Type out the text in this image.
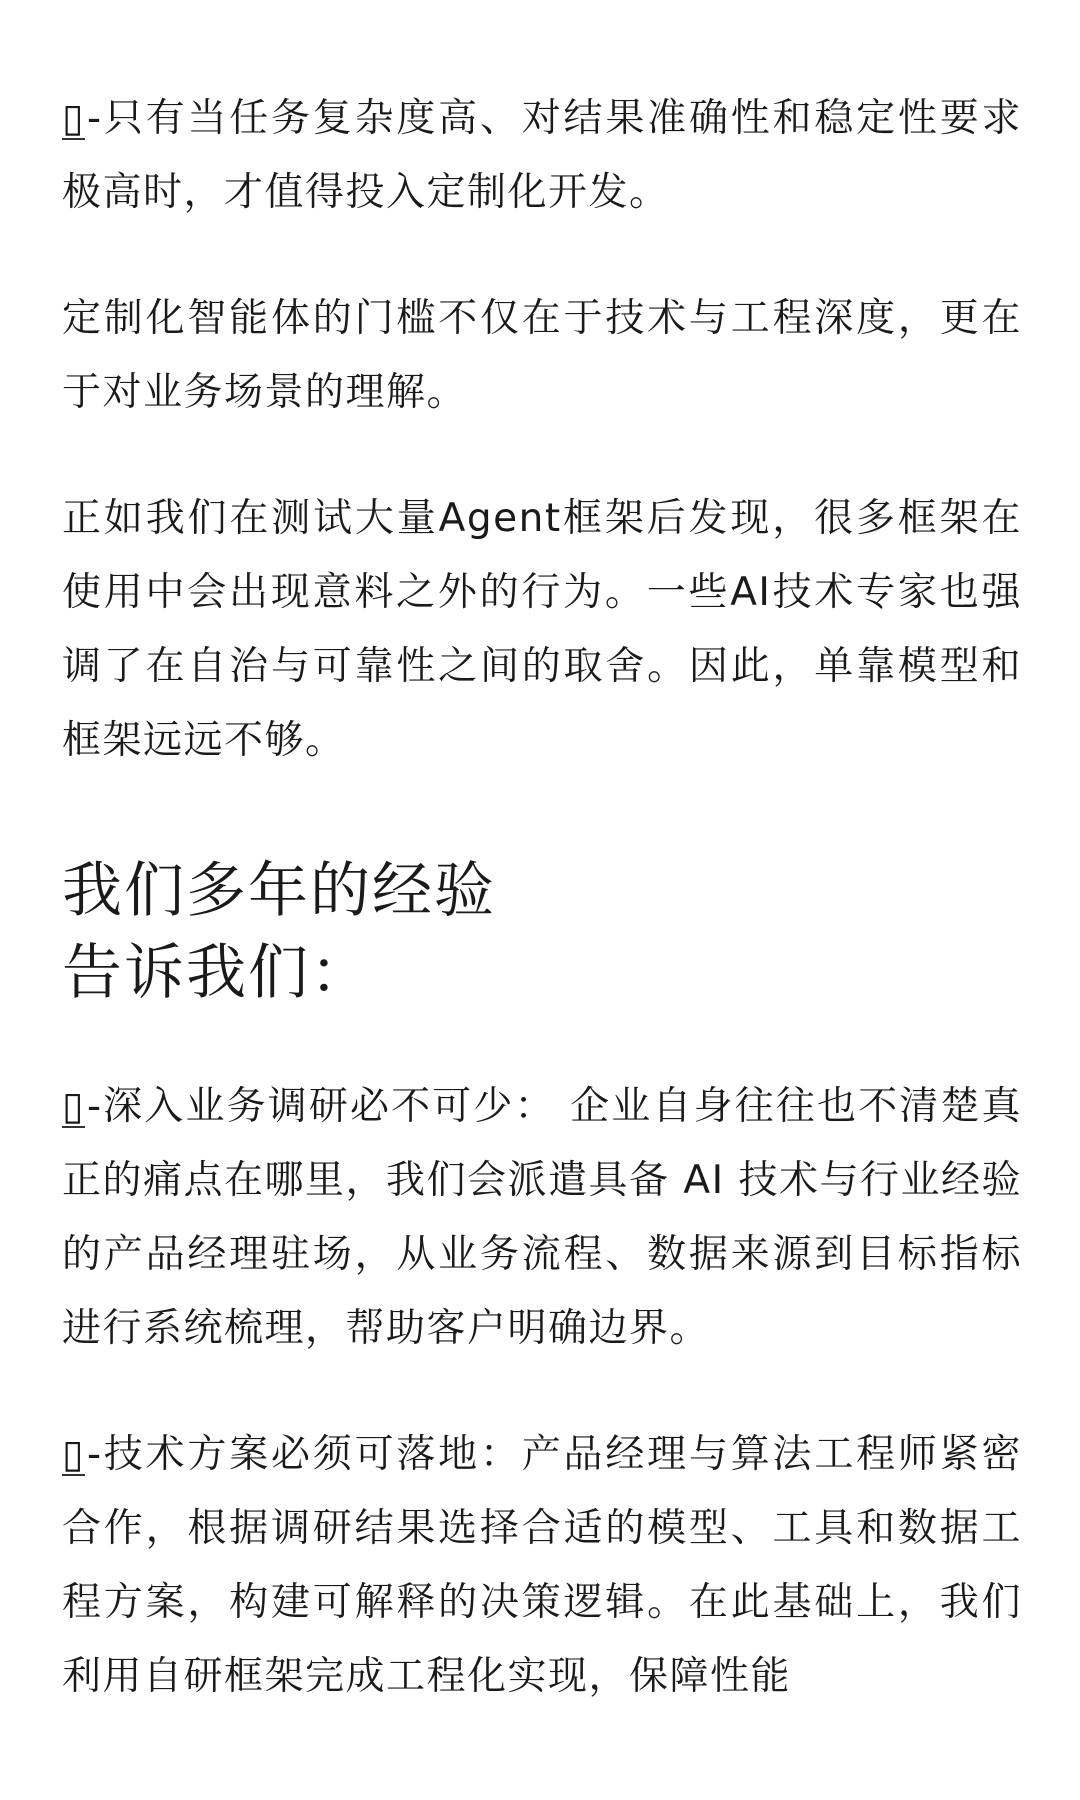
▯-只有当任务复杂度高、对结果准确性和稳定性要求极高时，才值得投入定制化开发。

定制化智能体的门槛不仅在于技术与工程深度，更在于对业务场景的理解。

正如我们在测试大量Agent框架后发现，很多框架在使用中会出现意料之外的行为。一些AI技术专家也强调了在自治与可靠性之间的取舍。因此，单靠模型和框架远远不够。

我们多年的经验
告诉我们：

▯-深入业务调研必不可少： 企业自身往往也不清楚真正的痛点在哪里，我们会派遣具备 AI 技术与行业经验的产品经理驻场，从业务流程、数据来源到目标指标进行系统梳理，帮助客户明确边界。

▯-技术方案必须可落地：产品经理与算法工程师紧密合作，根据调研结果选择合适的模型、工具和数据工程方案，构建可解释的决策逻辑。在此基础上，我们利用自研框架完成工程化实现，保障性能
